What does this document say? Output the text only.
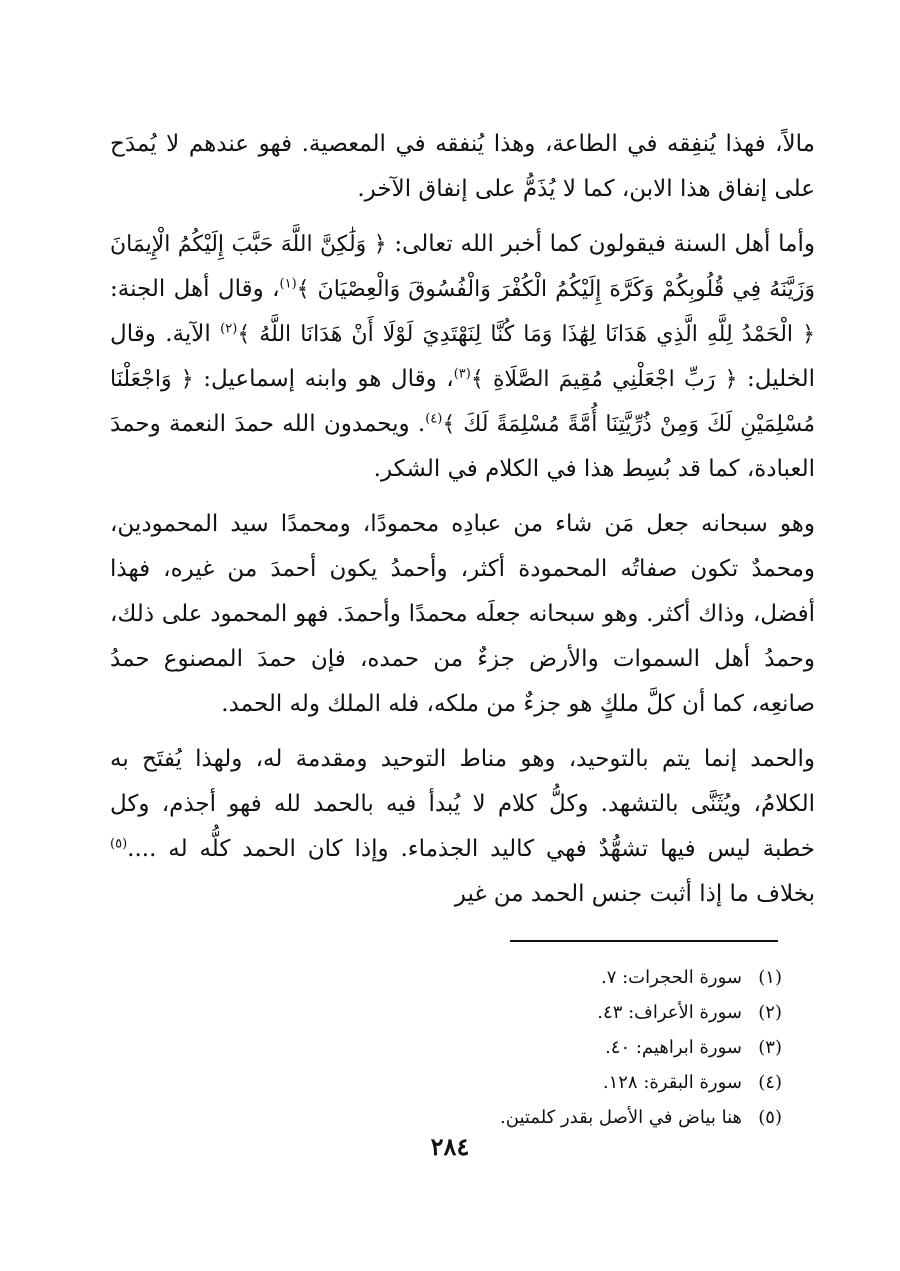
مالاً، فهذا يُنفِقه في الطاعة، وهذا يُنفقه في المعصية. فهو عندهم لا يُمدَح على إنفاق هذا الابن، كما لا يُذَمُّ على إنفاق الآخر.

وأما أهل السنة فيقولون كما أخبر الله تعالى: ﴿ وَلَٰكِنَّ اللَّهَ حَبَّبَ إِلَيْكُمُ الْإِيمَانَ وَزَيَّنَهُ فِي قُلُوبِكُمْ وَكَرَّهَ إِلَيْكُمُ الْكُفْرَ وَالْفُسُوقَ وَالْعِصْيَانَ ﴾$^{(١)}$، وقال أهل الجنة: ﴿ الْحَمْدُ لِلَّهِ الَّذِي هَدَانَا لِهَٰذَا وَمَا كُنَّا لِنَهْتَدِيَ لَوْلَا أَنْ هَدَانَا اللَّهُ ﴾$^{(٢)}$ الآية. وقال الخليل: ﴿ رَبِّ اجْعَلْنِي مُقِيمَ الصَّلَاةِ ﴾$^{(٣)}$، وقال هو وابنه إسماعيل: ﴿ وَاجْعَلْنَا مُسْلِمَيْنِ لَكَ وَمِنْ ذُرِّيَّتِنَا أُمَّةً مُسْلِمَةً لَكَ ﴾$^{(٤)}$. ويحمدون الله حمدَ النعمة وحمدَ العبادة، كما قد بُسِط هذا في الكلام في الشكر.

وهو سبحانه جعل مَن شاء من عبادِه محمودًا، ومحمدًا سيد المحمودين، ومحمدٌ تكون صفاتُه المحمودة أكثر، وأحمدُ يكون أحمدَ من غيره، فهذا أفضل، وذاك أكثر. وهو سبحانه جعلَه محمدًا وأحمدَ. فهو المحمود على ذلك، وحمدُ أهل السموات والأرض جزءٌ من حمده، فإن حمدَ المصنوع حمدُ صانعِه، كما أن كلَّ ملكٍ هو جزءٌ من ملكه، فله الملك وله الحمد.

والحمد إنما يتم بالتوحيد، وهو مناط التوحيد ومقدمة له، ولهذا يُفتَح به الكلامُ، ويُثَنَّى بالتشهد. وكلُّ كلام لا يُبدأ فيه بالحمد لله فهو أجذم، وكل خطبة ليس فيها تشهُّدٌ فهي كاليد الجذماء. وإذا كان الحمد كلُّه له ....$^{(٥)}$ بخلاف ما إذا أثبت جنس الحمد من غير

(١)سورة الحجرات: ٧.
(٢)سورة الأعراف: ٤٣.
(٣)سورة ابراهيم: ٤٠.
(٤)سورة البقرة: ١٢٨.
(٥)هنا بياض في الأصل بقدر كلمتين.
٢٨٤
